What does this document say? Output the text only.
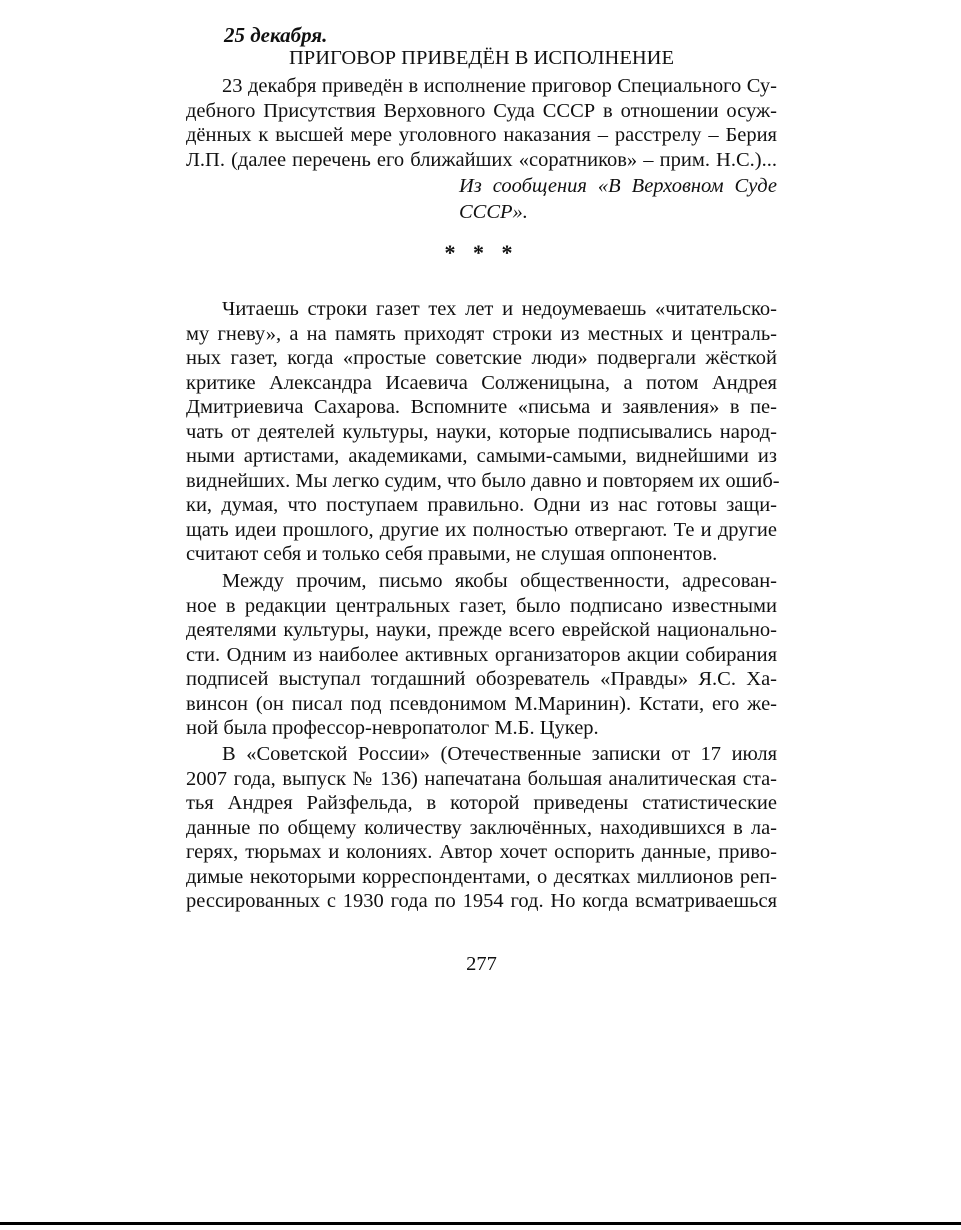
25 декабря.
ПРИГОВОР ПРИВЕДЁН В ИСПОЛНЕНИЕ
23 декабря приведён в исполнение приговор Специального Су-
дебного Присутствия Верховного Суда СССР в отношении осуж-
дённых к высшей мере уголовного наказания – расстрелу – Берия
Л.П. (далее перечень его ближайших «соратников» – прим. Н.С.)...
Из сообщения «В Верховном Суде
СССР».
* * *
Читаешь строки газет тех лет и недоумеваешь «читательско-
му гневу», а на память приходят строки из местных и централь-
ных газет, когда «простые советские люди» подвергали жёсткой
критике Александра Исаевича Солженицына, а потом Андрея
Дмитриевича Сахарова. Вспомните «письма и заявления» в пе-
чать от деятелей культуры, науки, которые подписывались народ-
ными артистами, академиками, самыми-самыми, виднейшими из
виднейших. Мы легко судим, что было давно и повторяем их ошиб-
ки, думая, что поступаем правильно. Одни из нас готовы защи-
щать идеи прошлого, другие их полностью отвергают. Те и другие
считают себя и только себя правыми, не слушая оппонентов.
Между прочим, письмо якобы общественности, адресован-
ное в редакции центральных газет, было подписано известными
деятелями культуры, науки, прежде всего еврейской национально-
сти. Одним из наиболее активных организаторов акции собирания
подписей выступал тогдашний обозреватель «Правды» Я.С. Ха-
винсон (он писал под псевдонимом М.Маринин). Кстати, его же-
ной была профессор-невропатолог М.Б. Цукер.
В «Советской России» (Отечественные записки от 17 июля
2007 года, выпуск № 136) напечатана большая аналитическая ста-
тья Андрея Райзфельда, в которой приведены статистические
данные по общему количеству заключённых, находившихся в ла-
герях, тюрьмах и колониях. Автор хочет оспорить данные, приво-
димые некоторыми корреспондентами, о десятках миллионов реп-
рессированных с 1930 года по 1954 год. Но когда всматриваешься
277
